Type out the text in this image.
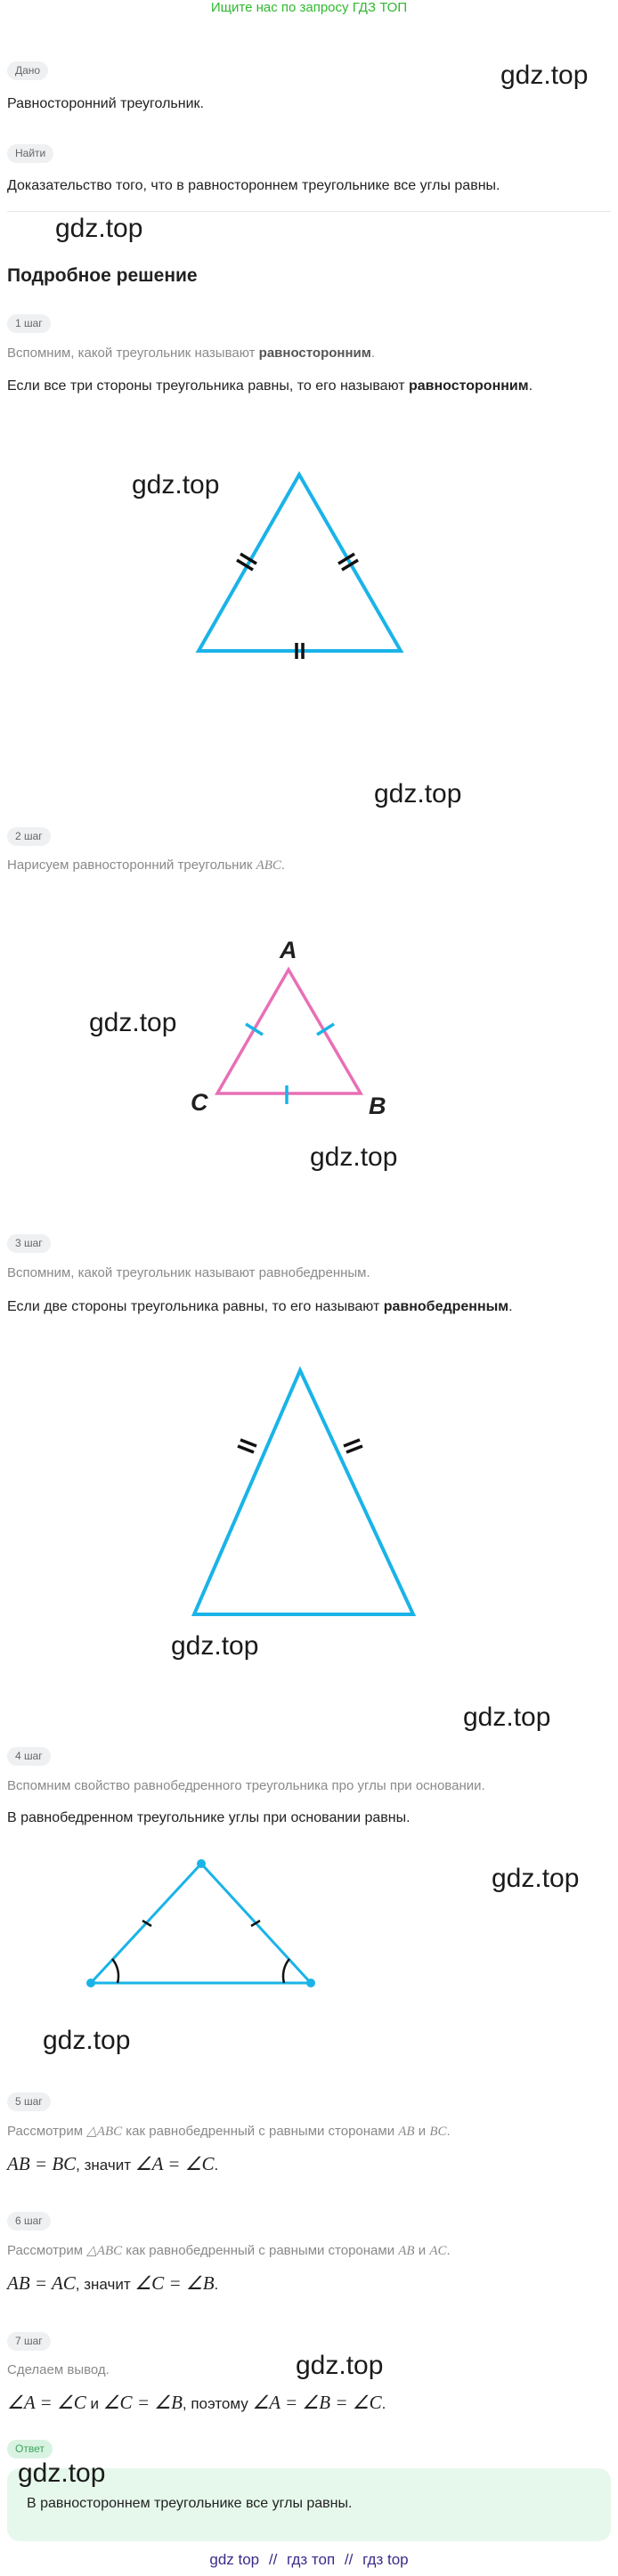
Ищите нас по запросу ГДЗ ТОП
Дано
Равносторонний треугольник.
gdz.top
Найти
Доказательство того, что в равностороннем треугольнике все углы равны.
gdz.top
Подробное решение
1 шаг
Вспомним, какой треугольник называют равносторонним.
Если все три стороны треугольника равны, то его называют равносторонним.
gdz.top
gdz.top
2 шаг
Нарисуем равносторонний треугольник ABC.
A
C	B
gdz.top
gdz.top
3 шаг
Вспомним, какой треугольник называют равнобедренным.
Если две стороны треугольника равны, то его называют равнобедренным.
gdz.top
gdz.top
4 шаг
Вспомним свойство равнобедренного треугольника про углы при основании.
В равнобедренном треугольнике углы при основании равны.
gdz.top
gdz.top
5 шаг
Рассмотрим △ABC как равнобедренный с равными сторонами AB и BC.
AB = BC, значит ∠A = ∠C.
6 шаг
Рассмотрим △ABC как равнобедренный с равными сторонами AB и AC.
AB = AC, значит ∠C = ∠B.
7 шаг
Сделаем вывод.	gdz.top
∠A = ∠C и ∠C = ∠B, поэтому ∠A = ∠B = ∠C.
Ответ
В равностороннем треугольнике все углы равны.
gdz.top
gdz top // гдз топ // гдз top
